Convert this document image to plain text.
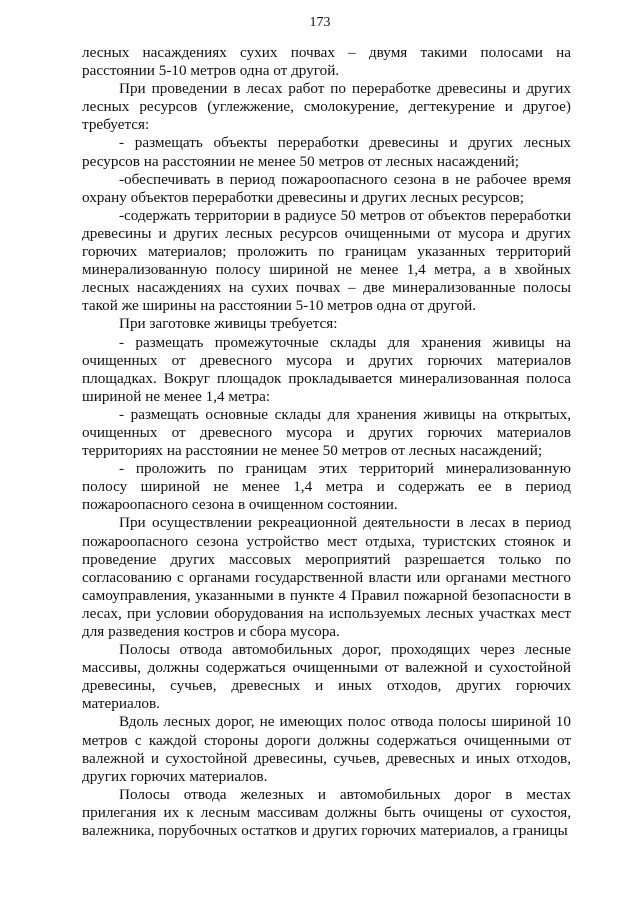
173

лесных насаждениях сухих почвах – двумя такими полосами на расстоянии 5-10 метров одна от другой.

При проведении в лесах работ по переработке древесины и других лесных ресурсов (углежжение, смолокурение, дегтекурение и другое) требуется:

- размещать объекты переработки древесины и других лесных ресурсов на расстоянии не менее 50 метров от лесных насаждений;

-обеспечивать в период пожароопасного сезона в не рабочее время охрану объектов переработки древесины и других лесных ресурсов;

-содержать территории в радиусе 50 метров от объектов переработки древесины и других лесных ресурсов очищенными от мусора и других горючих материалов; проложить по границам указанных территорий минерализованную полосу шириной не менее 1,4 метра, а в хвойных лесных насаждениях на сухих почвах – две минерализованные полосы такой же ширины на расстоянии 5-10 метров одна от другой.

При заготовке живицы требуется:

- размещать промежуточные склады для хранения живицы на очищенных от древесного мусора и других горючих материалов площадках. Вокруг площадок прокладывается минерализованная полоса шириной не менее 1,4 метра:

- размещать основные склады для хранения живицы на открытых, очищенных от древесного мусора и других горючих материалов территориях на расстоянии не менее 50 метров от лесных насаждений;

- проложить по границам этих территорий минерализованную полосу шириной не менее 1,4 метра и содержать ее в период пожароопасного сезона в очищенном состоянии.

При осуществлении рекреационной деятельности в лесах в период пожароопасного сезона устройство мест отдыха, туристских стоянок и проведение других массовых мероприятий разрешается только по согласованию с органами государственной власти или органами местного самоуправления, указанными в пункте 4 Правил пожарной безопасности в лесах, при условии оборудования на используемых лесных участках мест для разведения костров и сбора мусора.

Полосы отвода автомобильных дорог, проходящих через лесные массивы, должны содержаться очищенными от валежной и сухостойной древесины, сучьев, древесных и иных отходов, других горючих материалов.

Вдоль лесных дорог, не имеющих полос отвода полосы шириной 10 метров с каждой стороны дороги должны содержаться очищенными от валежной и сухостойной древесины, сучьев, древесных и иных отходов, других горючих материалов.

Полосы отвода железных и автомобильных дорог в местах прилегания их к лесным массивам должны быть очищены от сухостоя, валежника, порубочных остатков и других горючих материалов, а границы
